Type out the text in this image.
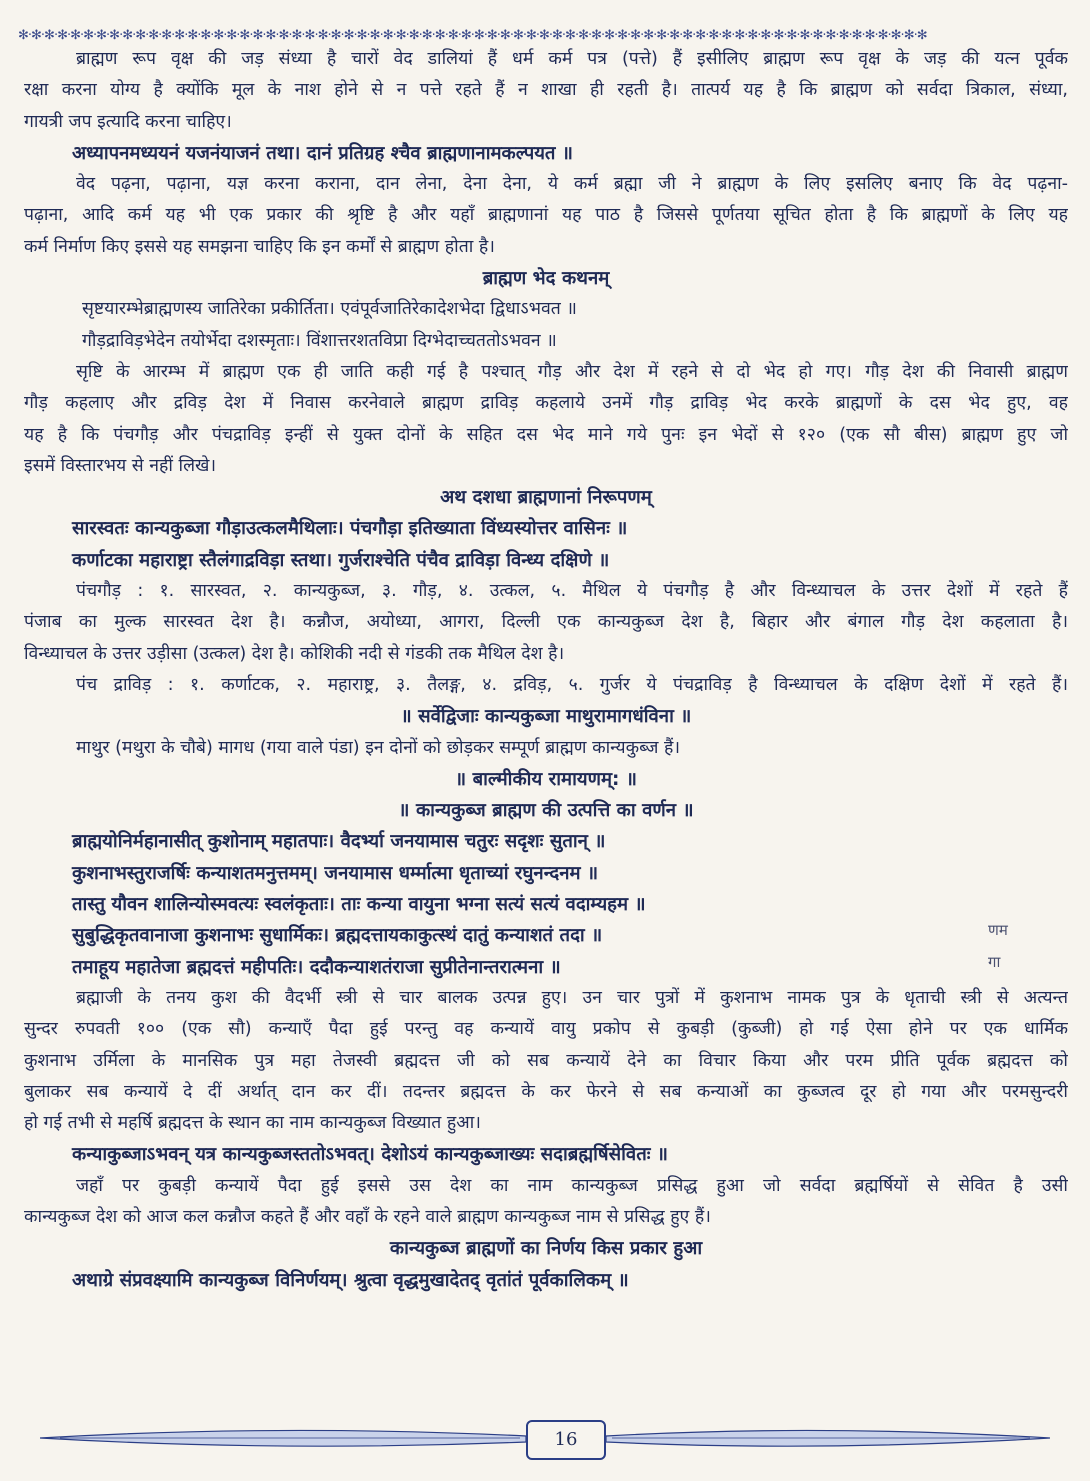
✻·✻·✻·✻·✻·✻·✻·✻·✻·✻·✻·✻·✻·✻·✻·✻·✻·✻·✻·✻·✻·✻·✻·✻·✻·✻·✻·✻·✻·✻·✻·✻·✻·✻·✻·✻·✻·✻·✻·✻·✻·✻·✻·✻·✻·✻·✻·✻·✻·✻·✻·✻·✻·✻·✻·✻·✻·✻·✻·✻·✻·✻·✻·✻·✻·✻·✻·✻·✻·✻
ब्राह्मण रूप वृक्ष की जड़ संध्या है चारों वेद डालियां हैं धर्म कर्म पत्र (पत्ते) हैं इसीलिए ब्राह्मण रूप वृक्ष के जड़ की यत्न पूर्वक
रक्षा करना योग्य है क्योंकि मूल के नाश होने से न पत्ते रहते हैं न शाखा ही रहती है। तात्पर्य यह है कि ब्राह्मण को सर्वदा त्रिकाल, संध्या,
गायत्री जप इत्यादि करना चाहिए।
अध्यापनमध्ययनं यजनंयाजनं तथा। दानं प्रतिग्रह श्चैव ब्राह्मणानामकल्पयत ॥
वेद पढ़ना, पढ़ाना, यज्ञ करना कराना, दान लेना, देना देना, ये कर्म ब्रह्मा जी ने ब्राह्मण के लिए इसलिए बनाए कि वेद पढ़ना-
पढ़ाना, आदि कर्म यह भी एक प्रकार की श्रृष्टि है और यहाँ ब्राह्मणानां यह पाठ है जिससे पूर्णतया सूचित होता है कि ब्राह्मणों के लिए यह
कर्म निर्माण किए इससे यह समझना चाहिए कि इन कर्मों से ब्राह्मण होता है।
ब्राह्मण भेद कथनम्
सृष्टयारम्भेब्राह्मणस्य जातिरेका प्रकीर्तिता। एवंपूर्वजातिरेकादेशभेदा द्विधाऽभवत ॥
गौड़द्राविड़भेदेन तयोर्भेदा दशस्मृताः। विंशात्तरशतविप्रा दिग्भेदाच्चततोऽभवन ॥
सृष्टि के आरम्भ में ब्राह्मण एक ही जाति कही गई है पश्चात् गौड़ और देश में रहने से दो भेद हो गए। गौड़ देश की निवासी ब्राह्मण
गौड़ कहलाए और द्रविड़ देश में निवास करनेवाले ब्राह्मण द्राविड़ कहलाये उनमें गौड़ द्राविड़ भेद करके ब्राह्मणों के दस भेद हुए, वह
यह है कि पंचगौड़ और पंचद्राविड़ इन्हीं से युक्त दोनों के सहित दस भेद माने गये पुनः इन भेदों से १२० (एक सौ बीस) ब्राह्मण हुए जो
इसमें विस्तारभय से नहीं लिखे।
अथ दशधा ब्राह्मणानां निरूपणम्
सारस्वतः कान्यकुब्जा गौड़ाउत्कलमैथिलाः। पंचगौड़ा इतिख्याता विंध्यस्योत्तर वासिनः ॥
कर्णाटका महाराष्ट्रा स्तैलंगाद्रविड़ा स्तथा। गुर्जराश्चेति पंचैव द्राविड़ा विन्ध्य दक्षिणे ॥
पंचगौड़ : १. सारस्वत, २. कान्यकुब्ज, ३. गौड़, ४. उत्कल, ५. मैथिल ये पंचगौड़ है और विन्ध्याचल के उत्तर देशों में रहते हैं
पंजाब का मुल्क सारस्वत देश है। कन्नौज, अयोध्या, आगरा, दिल्ली एक कान्यकुब्ज देश है, बिहार और बंगाल गौड़ देश कहलाता है।
विन्ध्याचल के उत्तर उड़ीसा (उत्कल) देश है। कोशिकी नदी से गंडकी तक मैथिल देश है।
पंच द्राविड़ : १. कर्णाटक, २. महाराष्ट्र, ३. तैलङ्ग, ४. द्रविड़, ५. गुर्जर ये पंचद्राविड़ है विन्ध्याचल के दक्षिण देशों में रहते हैं।
॥ सर्वेद्विजाः कान्यकुब्जा माथुरामागधंविना ॥
माथुर (मथुरा के चौबे) मागध (गया वाले पंडा) इन दोनों को छोड़कर सम्पूर्ण ब्राह्मण कान्यकुब्ज हैं।
॥ बाल्मीकीय रामायणम्: ॥
॥ कान्यकुब्ज ब्राह्मण की उत्पत्ति का वर्णन ॥
ब्राह्मयोनिर्महानासीत् कुशोनाम् महातपाः। वैदर्भ्या जनयामास चतुरः सदृशः सुतान् ॥
कुशनाभस्तुराजर्षिः कन्याशतमनुत्तमम्। जनयामास धर्म्मात्मा धृताच्यां रघुनन्दनम ॥
तास्तु यौवन शालिन्योस्मवत्यः स्वलंकृताः। ताः कन्या वायुना भग्ना सत्यं सत्यं वदाम्यहम ॥
सुबुद्धिकृतवानाजा कुशनाभः सुधार्मिकः। ब्रह्मदत्तायकाकुत्स्थं दातुं कन्याशतं तदा ॥
तमाहूय महातेजा ब्रह्मदत्तं महीपतिः। ददौकन्याशतंराजा सुप्रीतेनान्तरात्मना ॥
ब्रह्माजी के तनय कुश की वैदर्भी स्त्री से चार बालक उत्पन्न हुए। उन चार पुत्रों में कुशनाभ नामक पुत्र के धृताची स्त्री से अत्यन्त
सुन्दर रुपवती १०० (एक सौ) कन्याएँ पैदा हुई परन्तु वह कन्यायें वायु प्रकोप से कुबड़ी (कुब्जी) हो गई ऐसा होने पर एक धार्मिक
कुशनाभ उर्मिला के मानसिक पुत्र महा तेजस्वी ब्रह्मदत्त जी को सब कन्यायें देने का विचार किया और परम प्रीति पूर्वक ब्रह्मदत्त को
बुलाकर सब कन्यायें दे दीं अर्थात् दान कर दीं। तदन्तर ब्रह्मदत्त के कर फेरने से सब कन्याओं का कुब्जत्व दूर हो गया और परमसुन्दरी
हो गई तभी से महर्षि ब्रह्मदत्त के स्थान का नाम कान्यकुब्ज विख्यात हुआ।
कन्याकुब्जाऽभवन् यत्र कान्यकुब्जस्ततोऽभवत्। देशोऽयं कान्यकुब्जाख्यः सदाब्रह्मर्षिसेवितः ॥
जहाँ पर कुबड़ी कन्यायें पैदा हुई इससे उस देश का नाम कान्यकुब्ज प्रसिद्ध हुआ जो सर्वदा ब्रह्मर्षियों से सेवित है उसी
कान्यकुब्ज देश को आज कल कन्नौज कहते हैं और वहाँ के रहने वाले ब्राह्मण कान्यकुब्ज नाम से प्रसिद्ध हुए हैं।
कान्यकुब्ज ब्राह्मणों का निर्णय किस प्रकार हुआ
अथाग्रे संप्रवक्ष्यामि कान्यकुब्ज विनिर्णयम्। श्रुत्वा वृद्धमुखादेतद् वृतांतं पूर्वकालिकम् ॥
णम
गा
16
